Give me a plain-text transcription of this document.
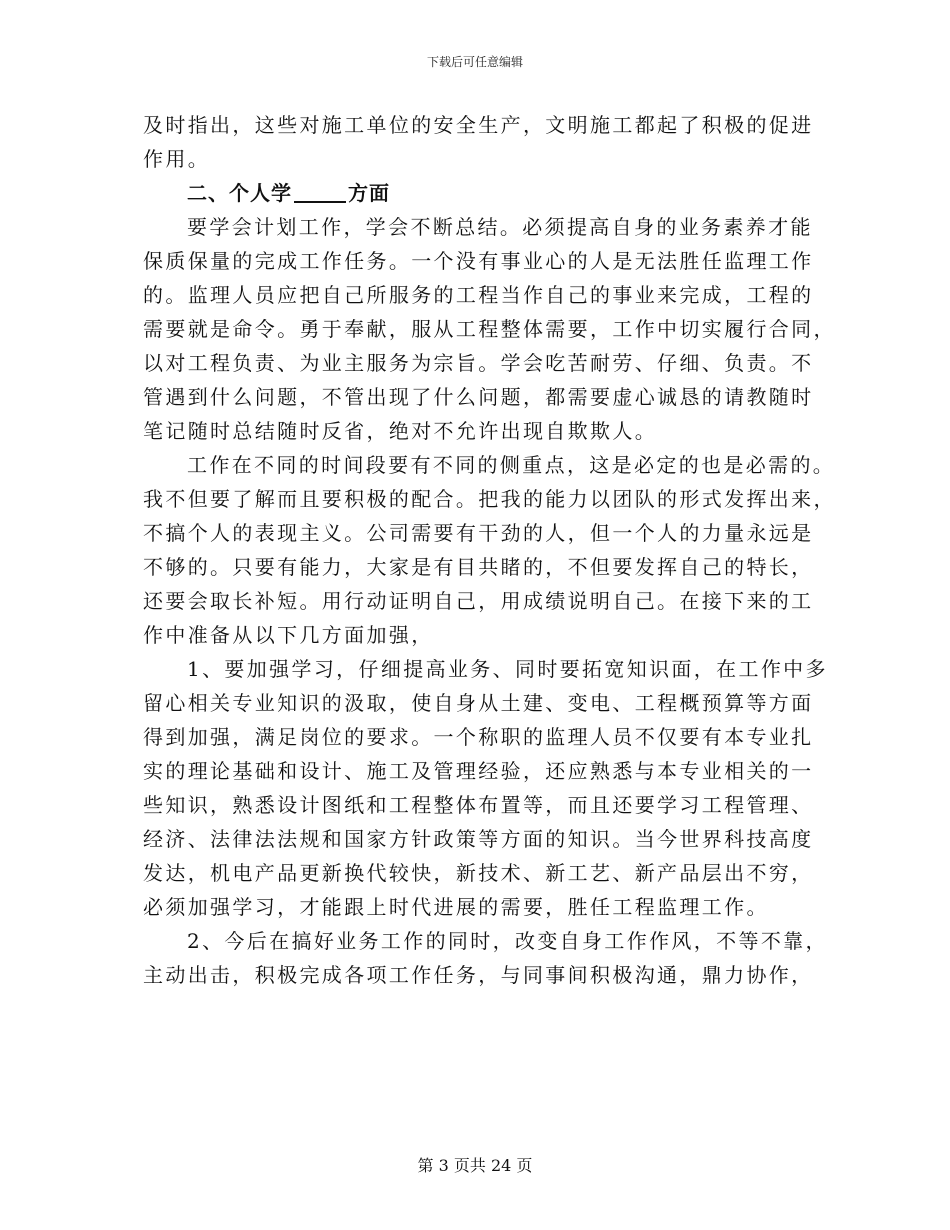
下载后可任意编辑
及时指出，这些对施工单位的安全生产，文明施工都起了积极的促进
作用。
二、个人学	方面
要学会计划工作，学会不断总结。必须提高自身的业务素养才能
保质保量的完成工作任务。一个没有事业心的人是无法胜任监理工作
的。监理人员应把自己所服务的工程当作自己的事业来完成，工程的
需要就是命令。勇于奉献，服从工程整体需要，工作中切实履行合同，
以对工程负责、为业主服务为宗旨。学会吃苦耐劳、仔细、负责。不
管遇到什么问题，不管出现了什么问题，都需要虚心诚恳的请教随时
笔记随时总结随时反省，绝对不允许出现自欺欺人。
工作在不同的时间段要有不同的侧重点，这是必定的也是必需的。
我不但要了解而且要积极的配合。把我的能力以团队的形式发挥出来，
不搞个人的表现主义。公司需要有干劲的人，但一个人的力量永远是
不够的。只要有能力，大家是有目共睹的，不但要发挥自己的特长，
还要会取长补短。用行动证明自己，用成绩说明自己。在接下来的工
作中准备从以下几方面加强，
1、要加强学习，仔细提高业务、同时要拓宽知识面，在工作中多
留心相关专业知识的汲取，使自身从土建、变电、工程概预算等方面
得到加强，满足岗位的要求。一个称职的监理人员不仅要有本专业扎
实的理论基础和设计、施工及管理经验，还应熟悉与本专业相关的一
些知识，熟悉设计图纸和工程整体布置等，而且还要学习工程管理、
经济、法律法法规和国家方针政策等方面的知识。当今世界科技高度
发达，机电产品更新换代较快，新技术、新工艺、新产品层出不穷，
必须加强学习，才能跟上时代进展的需要，胜任工程监理工作。
2、今后在搞好业务工作的同时，改变自身工作作风，不等不靠，
主动出击，积极完成各项工作任务，与同事间积极沟通，鼎力协作，
第 3 页共 24 页
